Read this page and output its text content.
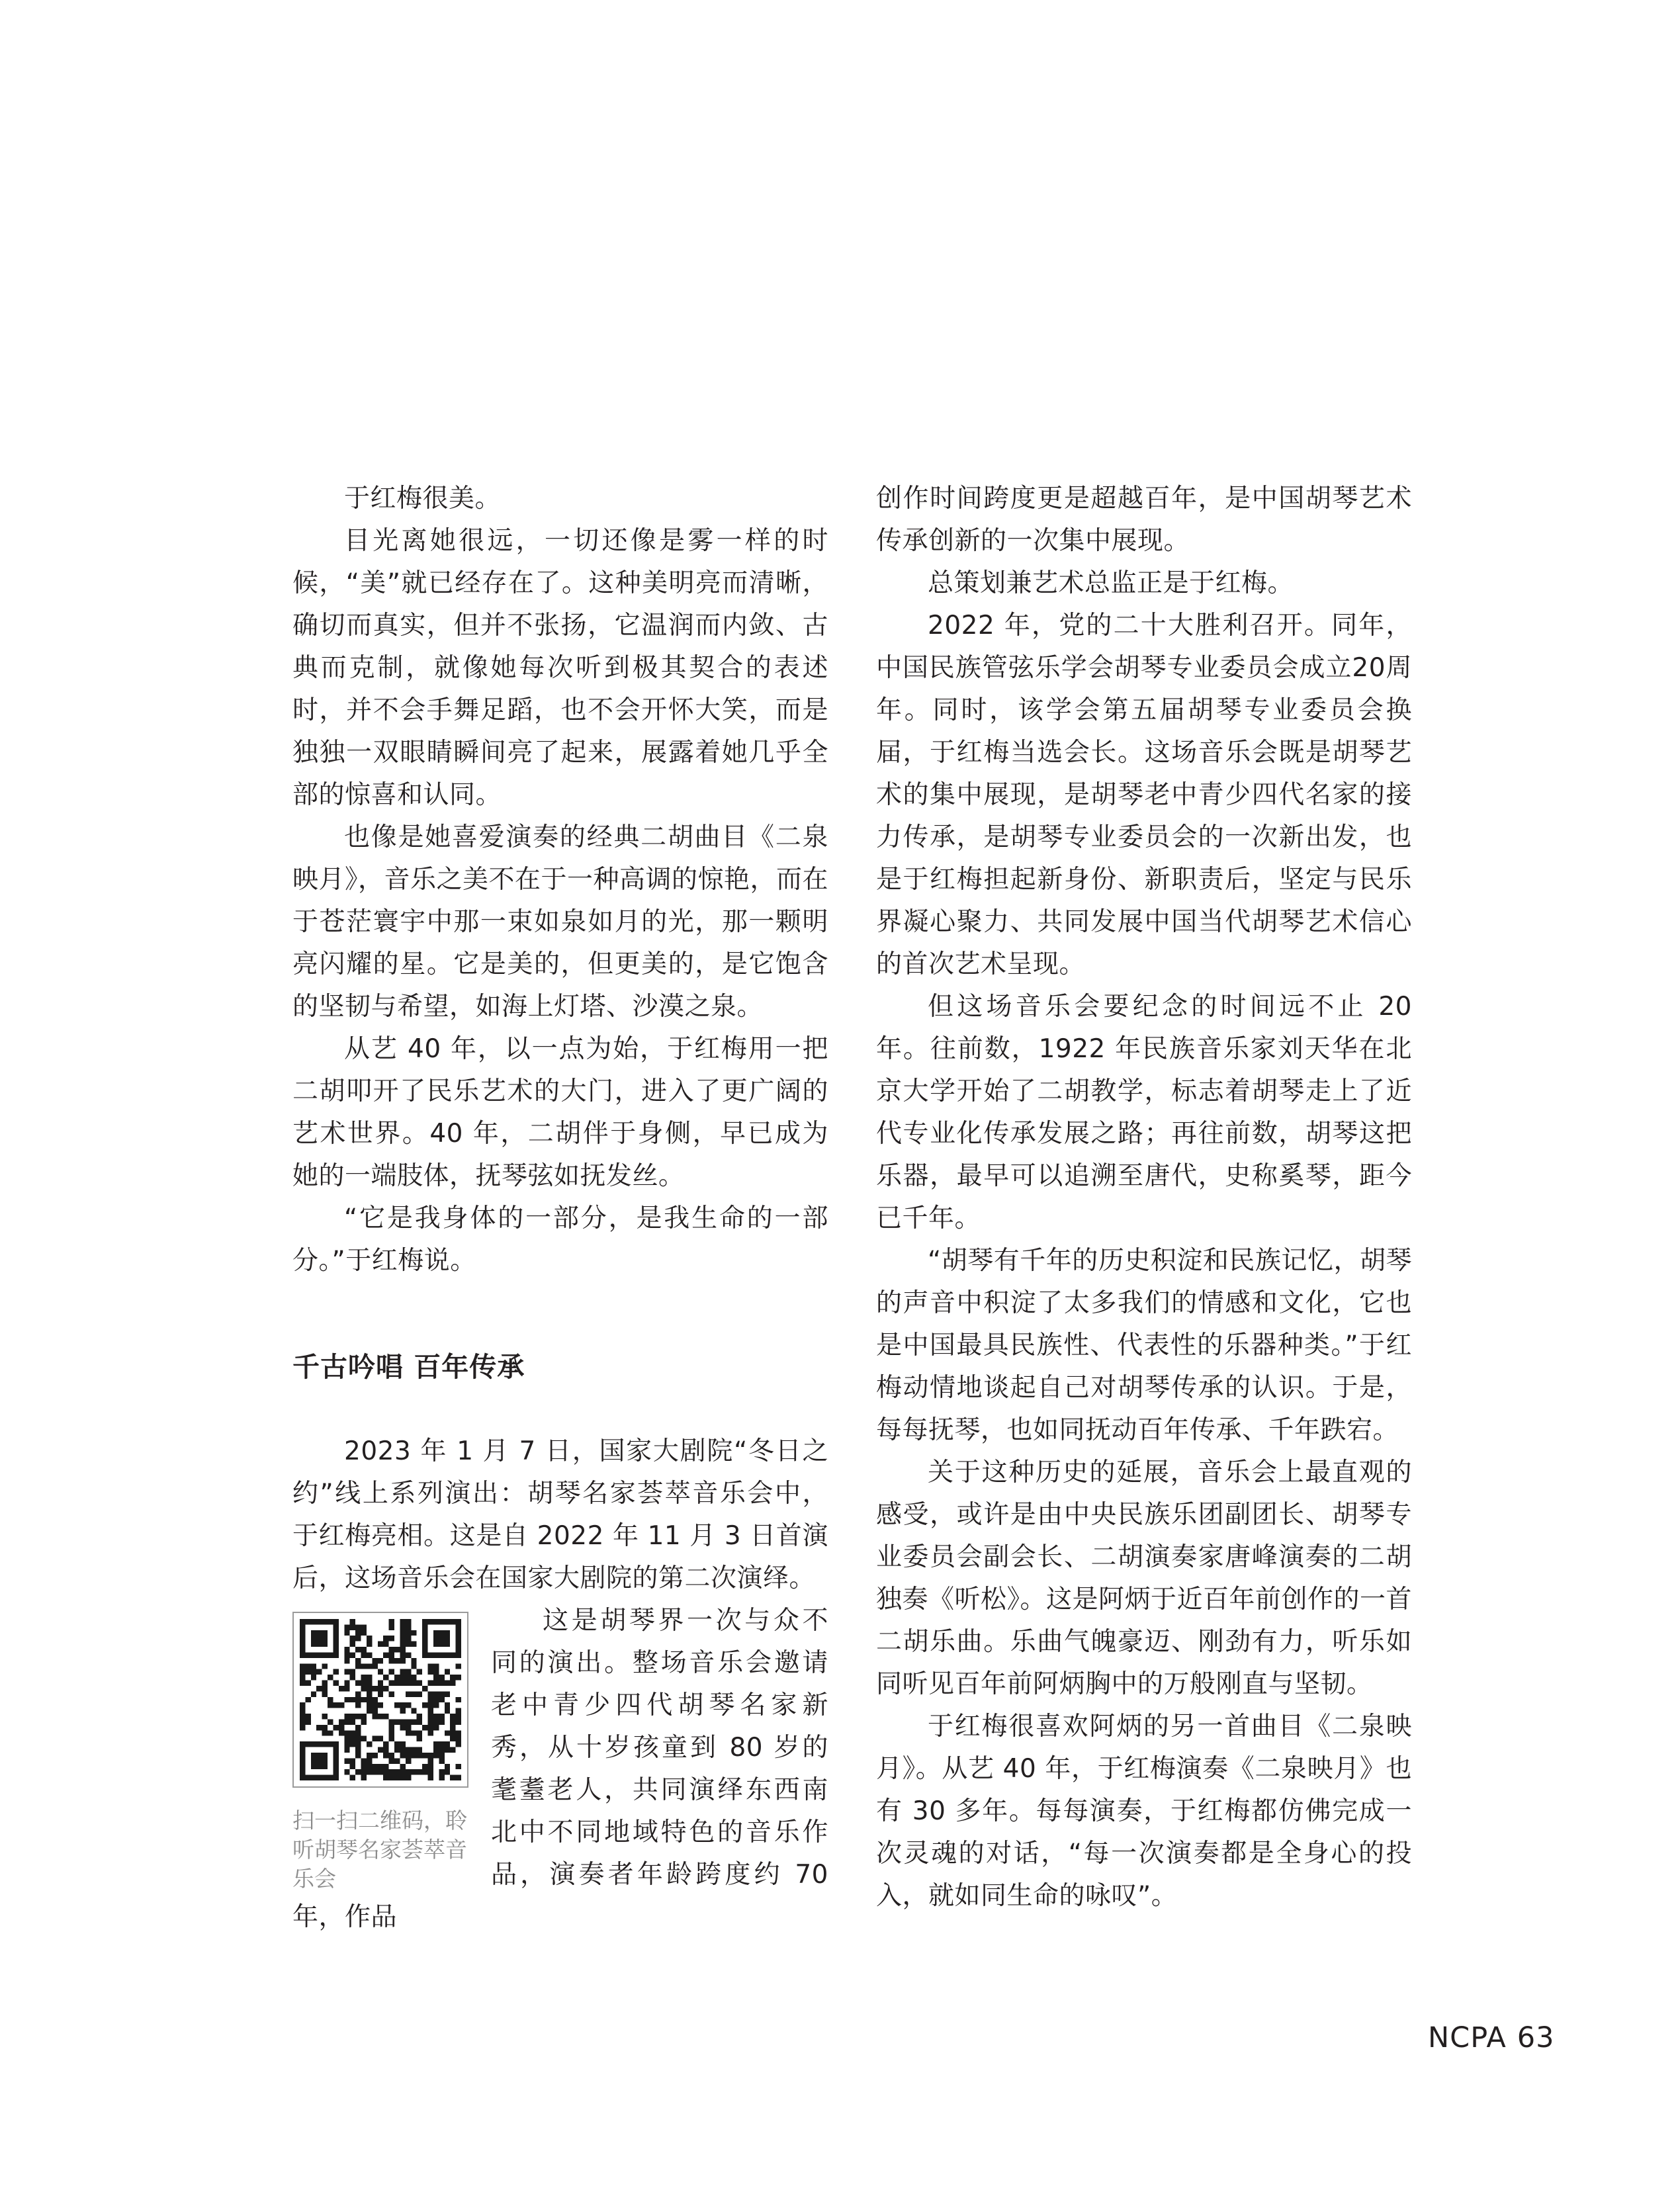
于红梅很美。

目光离她很远，一切还像是雾一样的时候，“美”就已经存在了。这种美明亮而清晰，确切而真实，但并不张扬，它温润而内敛、古典而克制，就像她每次听到极其契合的表述时，并不会手舞足蹈，也不会开怀大笑，而是独独一双眼睛瞬间亮了起来，展露着她几乎全部的惊喜和认同。

也像是她喜爱演奏的经典二胡曲目《二泉映月》，音乐之美不在于一种高调的惊艳，而在于苍茫寰宇中那一束如泉如月的光，那一颗明亮闪耀的星。它是美的，但更美的，是它饱含的坚韧与希望，如海上灯塔、沙漠之泉。

从艺 40 年，以一点为始，于红梅用一把二胡叩开了民乐艺术的大门，进入了更广阔的艺术世界。40 年，二胡伴于身侧，早已成为她的一端肢体，抚琴弦如抚发丝。

“它是我身体的一部分，是我生命的一部分。”于红梅说。

千古吟唱 百年传承

2023 年 1 月 7 日，国家大剧院“冬日之约”线上系列演出：胡琴名家荟萃音乐会中，于红梅亮相。这是自 2022 年 11 月 3 日首演后，这场音乐会在国家大剧院的第二次演绎。

扫一扫二维码，聆听胡琴名家荟萃音乐会

这是胡琴界一次与众不同的演出。整场音乐会邀请老中青少四代胡琴名家新秀，从十岁孩童到 80 岁的耄耋老人，共同演绎东西南北中不同地域特色的音乐作品，演奏者年龄跨度约 70 年，作品

创作时间跨度更是超越百年，是中国胡琴艺术传承创新的一次集中展现。

总策划兼艺术总监正是于红梅。

2022 年，党的二十大胜利召开。同年，中国民族管弦乐学会胡琴专业委员会成立20周年。同时，该学会第五届胡琴专业委员会换届，于红梅当选会长。这场音乐会既是胡琴艺术的集中展现，是胡琴老中青少四代名家的接力传承，是胡琴专业委员会的一次新出发，也是于红梅担起新身份、新职责后，坚定与民乐界凝心聚力、共同发展中国当代胡琴艺术信心的首次艺术呈现。

但这场音乐会要纪念的时间远不止 20 年。往前数，1922 年民族音乐家刘天华在北京大学开始了二胡教学，标志着胡琴走上了近代专业化传承发展之路；再往前数，胡琴这把乐器，最早可以追溯至唐代，史称奚琴，距今已千年。

“胡琴有千年的历史积淀和民族记忆，胡琴的声音中积淀了太多我们的情感和文化，它也是中国最具民族性、代表性的乐器种类。”于红梅动情地谈起自己对胡琴传承的认识。于是，每每抚琴，也如同抚动百年传承、千年跌宕。

关于这种历史的延展，音乐会上最直观的感受，或许是由中央民族乐团副团长、胡琴专业委员会副会长、二胡演奏家唐峰演奏的二胡独奏《听松》。这是阿炳于近百年前创作的一首二胡乐曲。乐曲气魄豪迈、刚劲有力，听乐如同听见百年前阿炳胸中的万般刚直与坚韧。

于红梅很喜欢阿炳的另一首曲目《二泉映月》。从艺 40 年，于红梅演奏《二泉映月》也有 30 多年。每每演奏，于红梅都仿佛完成一次灵魂的对话，“每一次演奏都是全身心的投入，就如同生命的咏叹”。

NCPA 63
